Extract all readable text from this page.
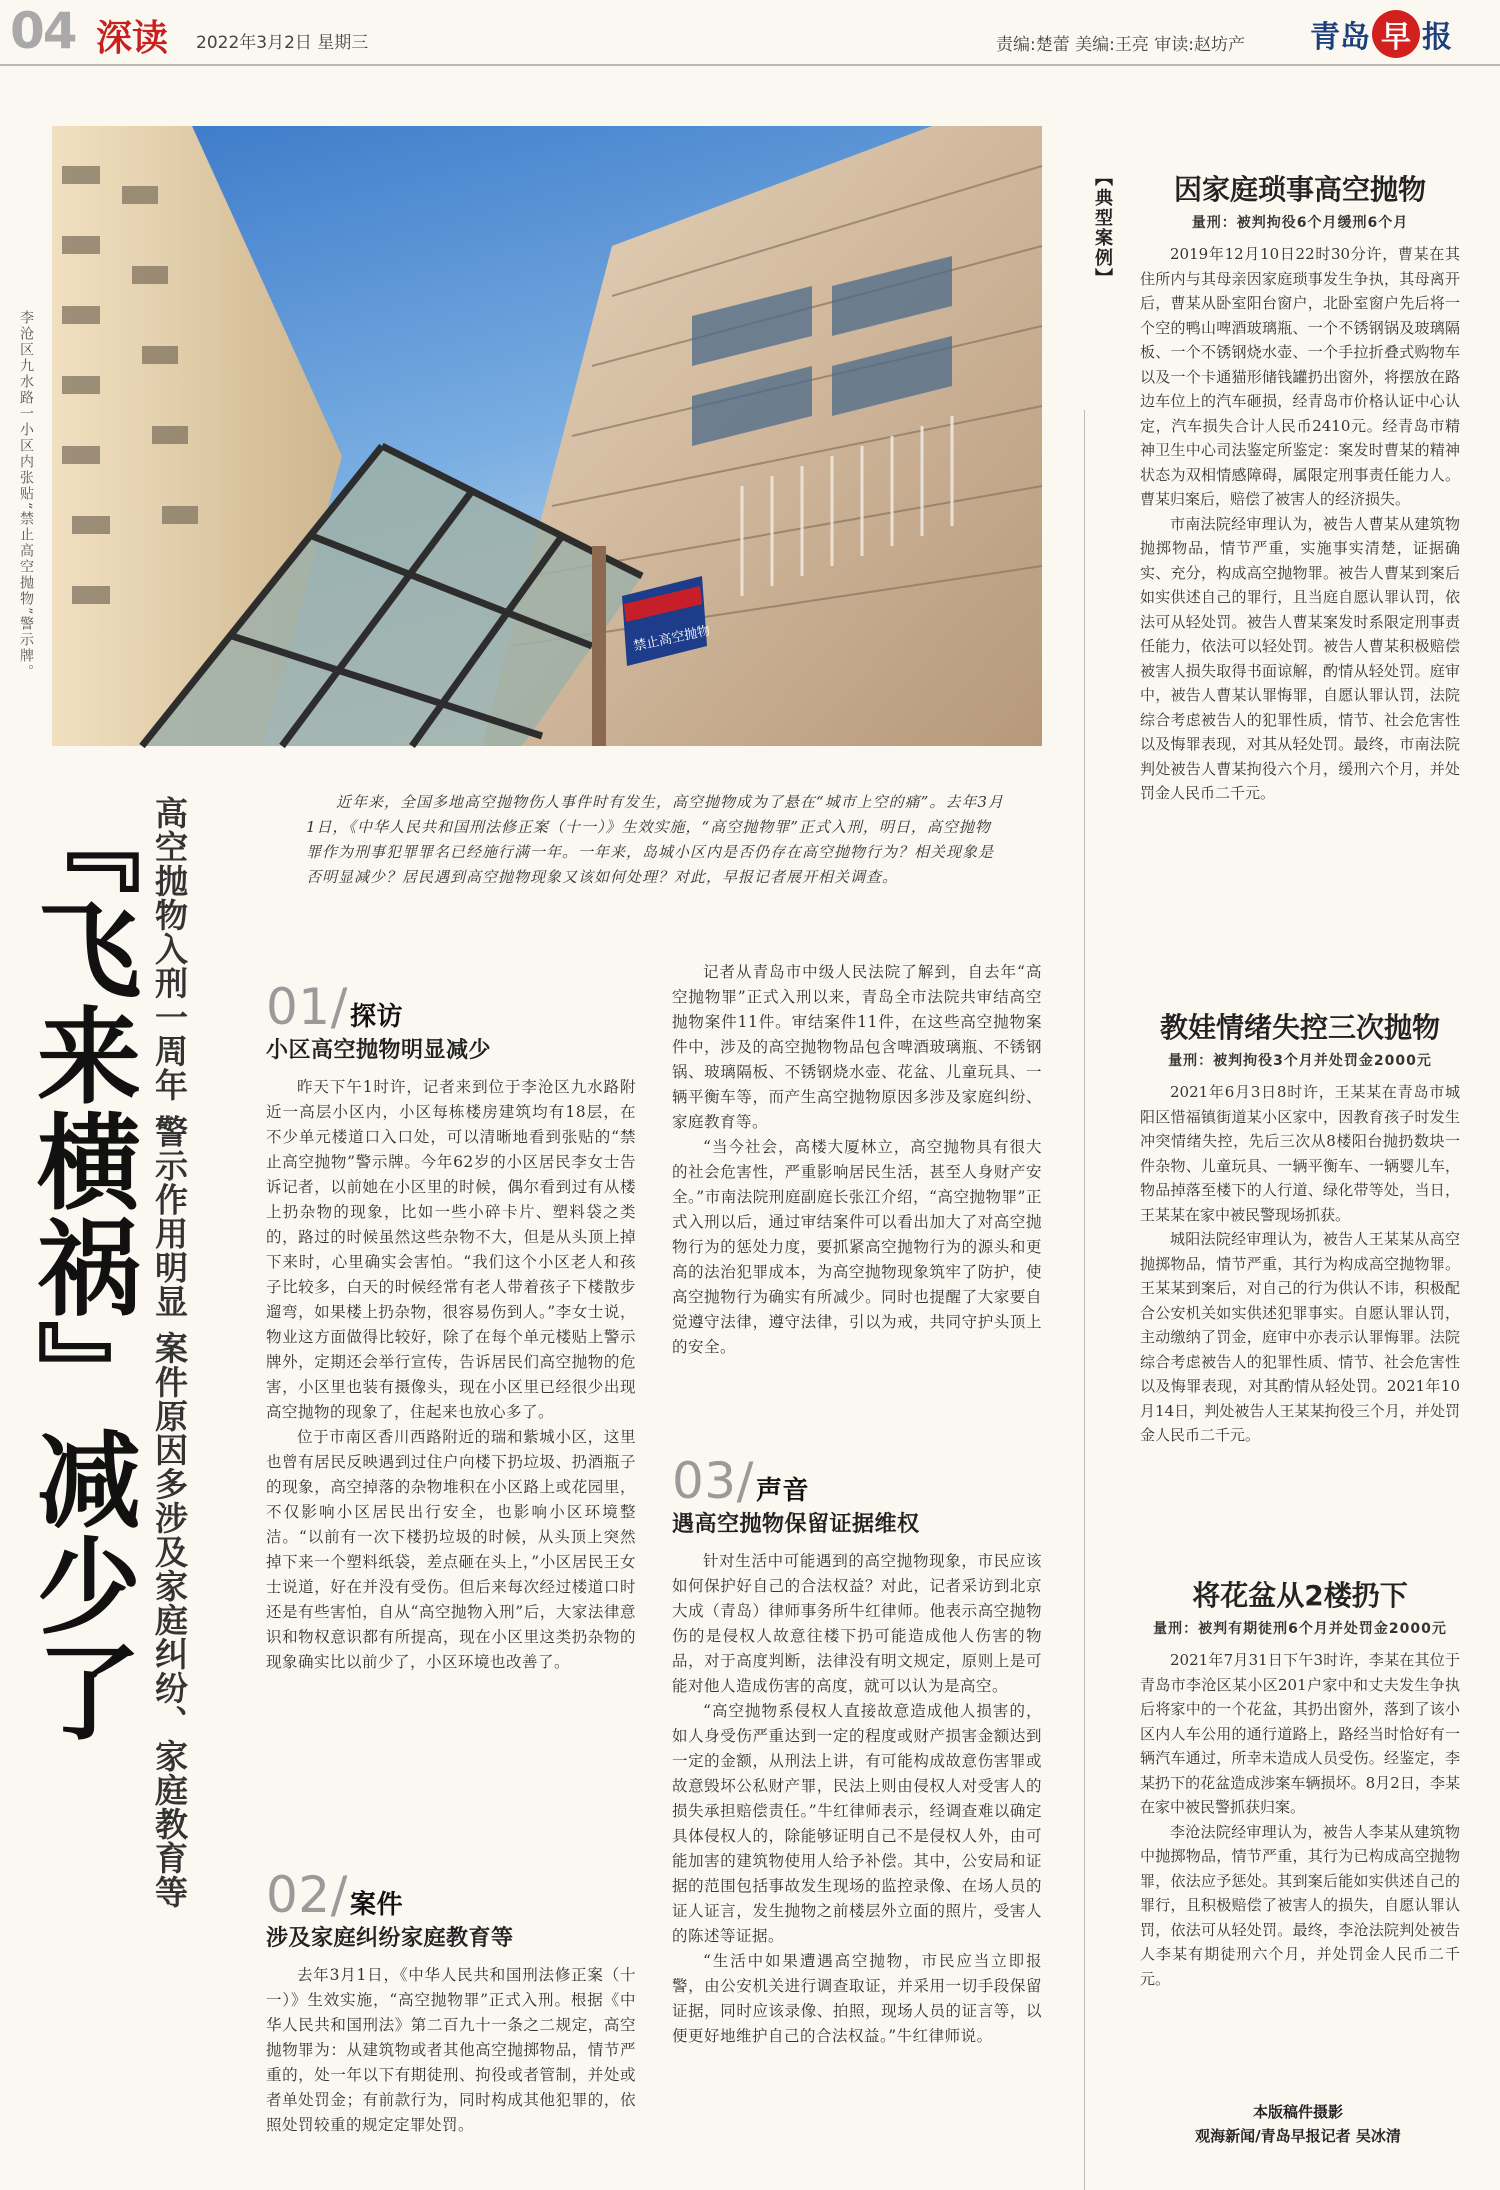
04 深读 2022年3月2日 星期三	责编:楚蕾 美编:王亮 审读:赵坊产 青岛 早 报
禁止高空抛物
李沧区九水路一小区内张贴“禁止高空抛物”警示牌。
『飞来横祸』减少了 高空抛物入刑一周年 警示作用明显 案件原因多涉及家庭纠纷、家庭教育等	近年来，全国多地高空抛物伤人事件时有发生，高空抛物成为了悬在“城市上空的痛”。去年3月1日，《中华人民共和国刑法修正案（十一）》生效实施，“高空抛物罪”正式入刑，明日，高空抛物罪作为刑事犯罪罪名已经施行满一年。一年来，岛城小区内是否仍存在高空抛物行为？相关现象是否明显减少？居民遇到高空抛物现象又该如何处理？对此，早报记者展开相关调查。
01 / 探访
小区高空抛物明显减少

昨天下午1时许，记者来到位于李沧区九水路附近一高层小区内，小区每栋楼房建筑均有18层，在不少单元楼道口入口处，可以清晰地看到张贴的“禁止高空抛物”警示牌。今年62岁的小区居民李女士告诉记者，以前她在小区里的时候，偶尔看到过有从楼上扔杂物的现象，比如一些小碎卡片、塑料袋之类的，路过的时候虽然这些杂物不大，但是从头顶上掉下来时，心里确实会害怕。“我们这个小区老人和孩子比较多，白天的时候经常有老人带着孩子下楼散步遛弯，如果楼上扔杂物，很容易伤到人。”李女士说，物业这方面做得比较好，除了在每个单元楼贴上警示牌外，定期还会举行宣传，告诉居民们高空抛物的危害，小区里也装有摄像头，现在小区里已经很少出现高空抛物的现象了，住起来也放心多了。

位于市南区香川西路附近的瑞和紫城小区，这里也曾有居民反映遇到过住户向楼下扔垃圾、扔酒瓶子的现象，高空掉落的杂物堆积在小区路上或花园里，不仅影响小区居民出行安全，也影响小区环境整洁。“以前有一次下楼扔垃圾的时候，从头顶上突然掉下来一个塑料纸袋，差点砸在头上，”小区居民王女士说道，好在并没有受伤。但后来每次经过楼道口时还是有些害怕，自从“高空抛物入刑”后，大家法律意识和物权意识都有所提高，现在小区里这类扔杂物的现象确实比以前少了，小区环境也改善了。

02 / 案件
涉及家庭纠纷家庭教育等

去年3月1日，《中华人民共和国刑法修正案（十一）》生效实施，“高空抛物罪”正式入刑。根据《中华人民共和国刑法》第二百九十一条之二规定，高空抛物罪为：从建筑物或者其他高空抛掷物品，情节严重的，处一年以下有期徒刑、拘役或者管制，并处或者单处罚金；有前款行为，同时构成其他犯罪的，依照处罚较重的规定定罪处罚。

记者从青岛市中级人民法院了解到，自去年“高空抛物罪”正式入刑以来，青岛全市法院共审结高空抛物案件11件。审结案件11件，在这些高空抛物案件中，涉及的高空抛物物品包含啤酒玻璃瓶、不锈钢锅、玻璃隔板、不锈钢烧水壶、花盆、儿童玩具、一辆平衡车等，而产生高空抛物原因多涉及家庭纠纷、家庭教育等。

“当今社会，高楼大厦林立，高空抛物具有很大的社会危害性，严重影响居民生活，甚至人身财产安全。”市南法院刑庭副庭长张江介绍，“高空抛物罪”正式入刑以后，通过审结案件可以看出加大了对高空抛物行为的惩处力度，要抓紧高空抛物行为的源头和更高的法治犯罪成本，为高空抛物现象筑牢了防护，使高空抛物行为确实有所减少。同时也提醒了大家要自觉遵守法律，遵守法律，引以为戒，共同守护头顶上的安全。

03 / 声音
遇高空抛物保留证据维权

针对生活中可能遇到的高空抛物现象，市民应该如何保护好自己的合法权益？对此，记者采访到北京大成（青岛）律师事务所牛红律师。他表示高空抛物伤的是侵权人故意往楼下扔可能造成他人伤害的物品，对于高度判断，法律没有明文规定，原则上是可能对他人造成伤害的高度，就可以认为是高空。

“高空抛物系侵权人直接故意造成他人损害的，如人身受伤严重达到一定的程度或财产损害金额达到一定的金额，从刑法上讲，有可能构成故意伤害罪或故意毁坏公私财产罪，民法上则由侵权人对受害人的损失承担赔偿责任。”牛红律师表示，经调查难以确定具体侵权人的，除能够证明自己不是侵权人外，由可能加害的建筑物使用人给予补偿。其中，公安局和证据的范围包括事故发生现场的监控录像、在场人员的证人证言，发生抛物之前楼层外立面的照片，受害人的陈述等证据。

“生活中如果遭遇高空抛物，市民应当立即报警，由公安机关进行调查取证，并采用一切手段保留证据，同时应该录像、拍照，现场人员的证言等，以便更好地维护自己的合法权益。”牛红律师说。

【典型案例】	因家庭琐事高空抛物
量刑：被判拘役6个月缓刑6个月

2019年12月10日22时30分许，曹某在其住所内与其母亲因家庭琐事发生争执，其母离开后，曹某从卧室阳台窗户，北卧室窗户先后将一个空的鸭山啤酒玻璃瓶、一个不锈钢锅及玻璃隔板、一个不锈钢烧水壶、一个手拉折叠式购物车以及一个卡通猫形储钱罐扔出窗外，将摆放在路边车位上的汽车砸损，经青岛市价格认证中心认定，汽车损失合计人民币2410元。经青岛市精神卫生中心司法鉴定所鉴定：案发时曹某的精神状态为双相情感障碍，属限定刑事责任能力人。曹某归案后，赔偿了被害人的经济损失。

市南法院经审理认为，被告人曹某从建筑物抛掷物品，情节严重，实施事实清楚，证据确实、充分，构成高空抛物罪。被告人曹某到案后如实供述自己的罪行，且当庭自愿认罪认罚，依法可从轻处罚。被告人曹某案发时系限定刑事责任能力，依法可以轻处罚。被告人曹某积极赔偿被害人损失取得书面谅解，酌情从轻处罚。庭审中，被告人曹某认罪悔罪，自愿认罪认罚，法院综合考虑被告人的犯罪性质，情节、社会危害性以及悔罪表现，对其从轻处罚。最终，市南法院判处被告人曹某拘役六个月，缓刑六个月，并处罚金人民币二千元。

教娃情绪失控三次抛物
量刑：被判拘役3个月并处罚金2000元

2021年6月3日8时许，王某某在青岛市城阳区惜福镇街道某小区家中，因教育孩子时发生冲突情绪失控，先后三次从8楼阳台抛扔数块一件杂物、儿童玩具、一辆平衡车、一辆婴儿车，物品掉落至楼下的人行道、绿化带等处，当日，王某某在家中被民警现场抓获。

城阳法院经审理认为，被告人王某某从高空抛掷物品，情节严重，其行为构成高空抛物罪。王某某到案后，对自己的行为供认不讳，积极配合公安机关如实供述犯罪事实。自愿认罪认罚，主动缴纳了罚金，庭审中亦表示认罪悔罪。法院综合考虑被告人的犯罪性质、情节、社会危害性以及悔罪表现，对其酌情从轻处罚。2021年10月14日，判处被告人王某某拘役三个月，并处罚金人民币二千元。

将花盆从2楼扔下
量刑：被判有期徒刑6个月并处罚金2000元

2021年7月31日下午3时许，李某在其位于青岛市李沧区某小区201户家中和丈夫发生争执后将家中的一个花盆，其扔出窗外，落到了该小区内人车公用的通行道路上，路经当时恰好有一辆汽车通过，所幸未造成人员受伤。经鉴定，李某扔下的花盆造成涉案车辆损坏。8月2日，李某在家中被民警抓获归案。

李沧法院经审理认为，被告人李某从建筑物中抛掷物品，情节严重，其行为已构成高空抛物罪，依法应予惩处。其到案后能如实供述自己的罪行，且积极赔偿了被害人的损失，自愿认罪认罚，依法可从轻处罚。最终，李沧法院判处被告人李某有期徒刑六个月，并处罚金人民币二千元。

本版稿件摄影
观海新闻/青岛早报记者 吴冰清
